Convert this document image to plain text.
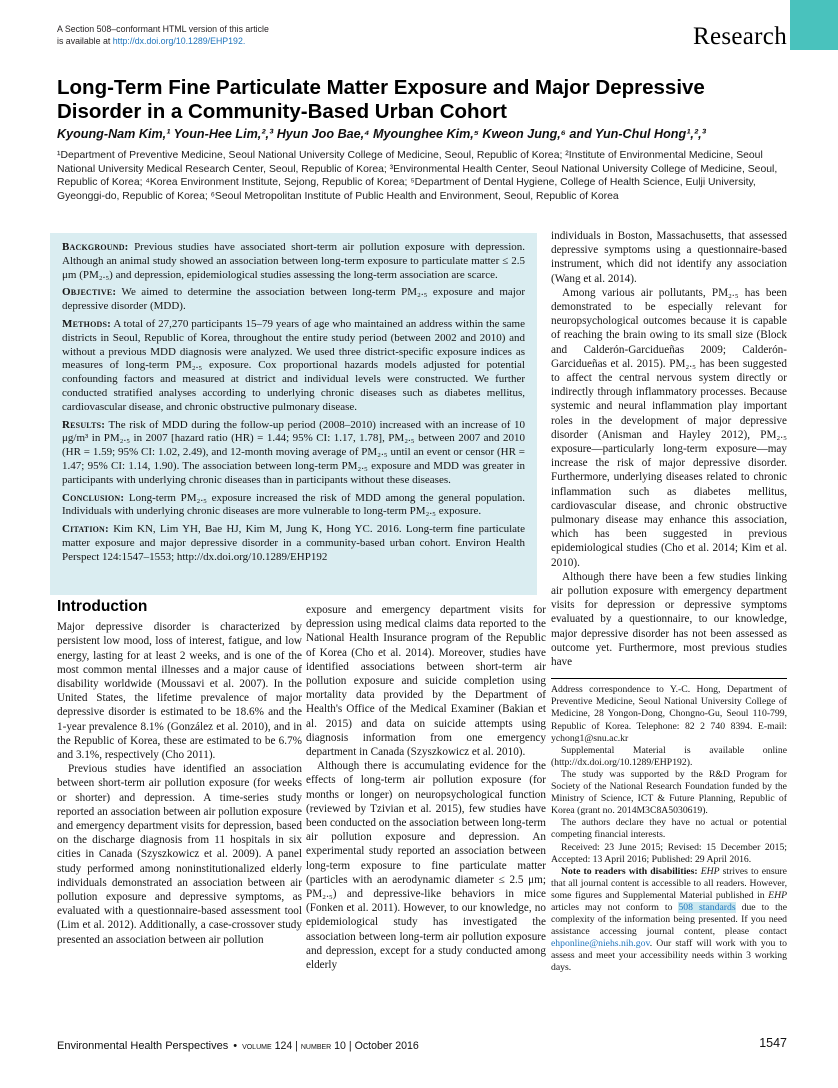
A Section 508–conformant HTML version of this article
is available at http://dx.doi.org/10.1289/EHP192.	Research
Long-Term Fine Particulate Matter Exposure and Major Depressive Disorder in a Community-Based Urban Cohort
Kyoung-Nam Kim,¹ Youn-Hee Lim,²,³ Hyun Joo Bae,⁴ Myounghee Kim,⁵ Kweon Jung,⁶ and Yun-Chul Hong¹,²,³
¹Department of Preventive Medicine, Seoul National University College of Medicine, Seoul, Republic of Korea; ²Institute of Environmental Medicine, Seoul National University Medical Research Center, Seoul, Republic of Korea; ³Environmental Health Center, Seoul National University College of Medicine, Seoul, Republic of Korea; ⁴Korea Environment Institute, Sejong, Republic of Korea; ⁵Department of Dental Hygiene, College of Health Science, Eulji University, Gyeonggi-do, Republic of Korea; ⁶Seoul Metropolitan Institute of Public Health and Environment, Seoul, Republic of Korea

Background: Previous studies have associated short-term air pollution exposure with depression. Although an animal study showed an association between long-term exposure to particulate matter ≤ 2.5 μm (PM₂.₅) and depression, epidemiological studies assessing the long-term association are scarce.

Objective: We aimed to determine the association between long-term PM₂.₅ exposure and major depressive disorder (MDD).

Methods: A total of 27,270 participants 15–79 years of age who maintained an address within the same districts in Seoul, Republic of Korea, throughout the entire study period (between 2002 and 2010) and without a previous MDD diagnosis were analyzed. We used three district-specific exposure indices as measures of long-term PM₂.₅ exposure. Cox proportional hazards models adjusted for potential confounding factors and measured at district and individual levels were constructed. We further conducted stratified analyses according to underlying chronic diseases such as diabetes mellitus, cardiovascular disease, and chronic obstructive pulmonary disease.

Results: The risk of MDD during the follow-up period (2008–2010) increased with an increase of 10 μg/m³ in PM₂.₅ in 2007 [hazard ratio (HR) = 1.44; 95% CI: 1.17, 1.78], PM₂.₅ between 2007 and 2010 (HR = 1.59; 95% CI: 1.02, 2.49), and 12-month moving average of PM₂.₅ until an event or censor (HR = 1.47; 95% CI: 1.14, 1.90). The association between long-term PM₂.₅ exposure and MDD was greater in participants with underlying chronic diseases than in participants without these diseases.

Conclusion: Long-term PM₂.₅ exposure increased the risk of MDD among the general population. Individuals with underlying chronic diseases are more vulnerable to long-term PM₂.₅ exposure.

Citation: Kim KN, Lim YH, Bae HJ, Kim M, Jung K, Hong YC. 2016. Long-term fine particulate matter exposure and major depressive disorder in a community-based urban cohort. Environ Health Perspect 124:1547–1553; http://dx.doi.org/10.1289/EHP192

Introduction

Major depressive disorder is characterized by persistent low mood, loss of interest, fatigue, and low energy, lasting for at least 2 weeks, and is one of the most common mental illnesses and a major cause of disability worldwide (Moussavi et al. 2007). In the United States, the lifetime prevalence of major depressive disorder is estimated to be 18.6% and the 1-year prevalence 8.1% (González et al. 2010), and in the Republic of Korea, these are estimated to be 6.7% and 3.1%, respectively (Cho 2011).

Previous studies have identified an association between short-term air pollution exposure (for weeks or shorter) and depression. A time-series study reported an association between air pollution exposure and emergency department visits for depression, based on the discharge diagnosis from 11 hospitals in six cities in Canada (Szyszkowicz et al. 2009). A panel study performed among noninstitutionalized elderly individuals demonstrated an association between air pollution exposure and depressive symptoms, as evaluated with a questionnaire-based assessment tool (Lim et al. 2012). Additionally, a case-crossover study presented an association between air pollution

exposure and emergency department visits for depression using medical claims data reported to the National Health Insurance program of the Republic of Korea (Cho et al. 2014). Moreover, studies have identified associations between short-term air pollution exposure and suicide completion using mortality data provided by the Department of Health's Office of the Medical Examiner (Bakian et al. 2015) and data on suicide attempts using diagnosis information from one emergency department in Canada (Szyszkowicz et al. 2010).

Although there is accumulating evidence for the effects of long-term air pollution exposure (for months or longer) on neuropsychological function (reviewed by Tzivian et al. 2015), few studies have been conducted on the association between long-term air pollution exposure and depression. An experimental study reported an association between long-term exposure to fine particulate matter (particles with an aerodynamic diameter ≤ 2.5 μm; PM₂.₅) and depressive-like behaviors in mice (Fonken et al. 2011). However, to our knowledge, no epidemiological study has investigated the association between long-term air pollution exposure and depression, except for a study conducted among elderly

individuals in Boston, Massachusetts, that assessed depressive symptoms using a questionnaire-based instrument, which did not identify any association (Wang et al. 2014).

Among various air pollutants, PM₂.₅ has been demonstrated to be especially relevant for neuropsychological outcomes because it is capable of reaching the brain owing to its small size (Block and Calderón-Garcidueñas 2009; Calderón-Garcidueñas et al. 2015). PM₂.₅ has been suggested to affect the central nervous system directly or indirectly through inflammatory processes. Because systemic and neural inflammation play important roles in the development of major depressive disorder (Anisman and Hayley 2012), PM₂.₅ exposure—particularly long-term exposure—may increase the risk of major depressive disorder. Furthermore, underlying diseases related to chronic inflammation such as diabetes mellitus, cardiovascular disease, and chronic obstructive pulmonary disease may enhance this association, which has been suggested in previous epidemiological studies (Cho et al. 2014; Kim et al. 2010).

Although there have been a few studies linking air pollution exposure with emergency department visits for depression or depressive symptoms evaluated by a questionnaire, to our knowledge, major depressive disorder has not been assessed as outcome yet. Furthermore, most previous studies have

Address correspondence to Y.-C. Hong, Department of Preventive Medicine, Seoul National University College of Medicine, 28 Yongon-Dong, Chongno-Gu, Seoul 110-799, Republic of Korea. Telephone: 82 2 740 8394. E-mail: ychong1@snu.ac.kr

Supplemental Material is available online (http://dx.doi.org/10.1289/EHP192).

The study was supported by the R&D Program for Society of the National Research Foundation funded by the Ministry of Science, ICT & Future Planning, Republic of Korea (grant no. 2014M3C8A5030619).

The authors declare they have no actual or potential competing financial interests.

Received: 23 June 2015; Revised: 15 December 2015; Accepted: 13 April 2016; Published: 29 April 2016.

Note to readers with disabilities: EHP strives to ensure that all journal content is accessible to all readers. However, some figures and Supplemental Material published in EHP articles may not conform to 508 standards due to the complexity of the information being presented. If you need assistance accessing journal content, please contact ehponline@niehs.nih.gov. Our staff will work with you to assess and meet your accessibility needs within 3 working days.

Environmental Health Perspectives • volume 124 | number 10 | October 2016	1547
